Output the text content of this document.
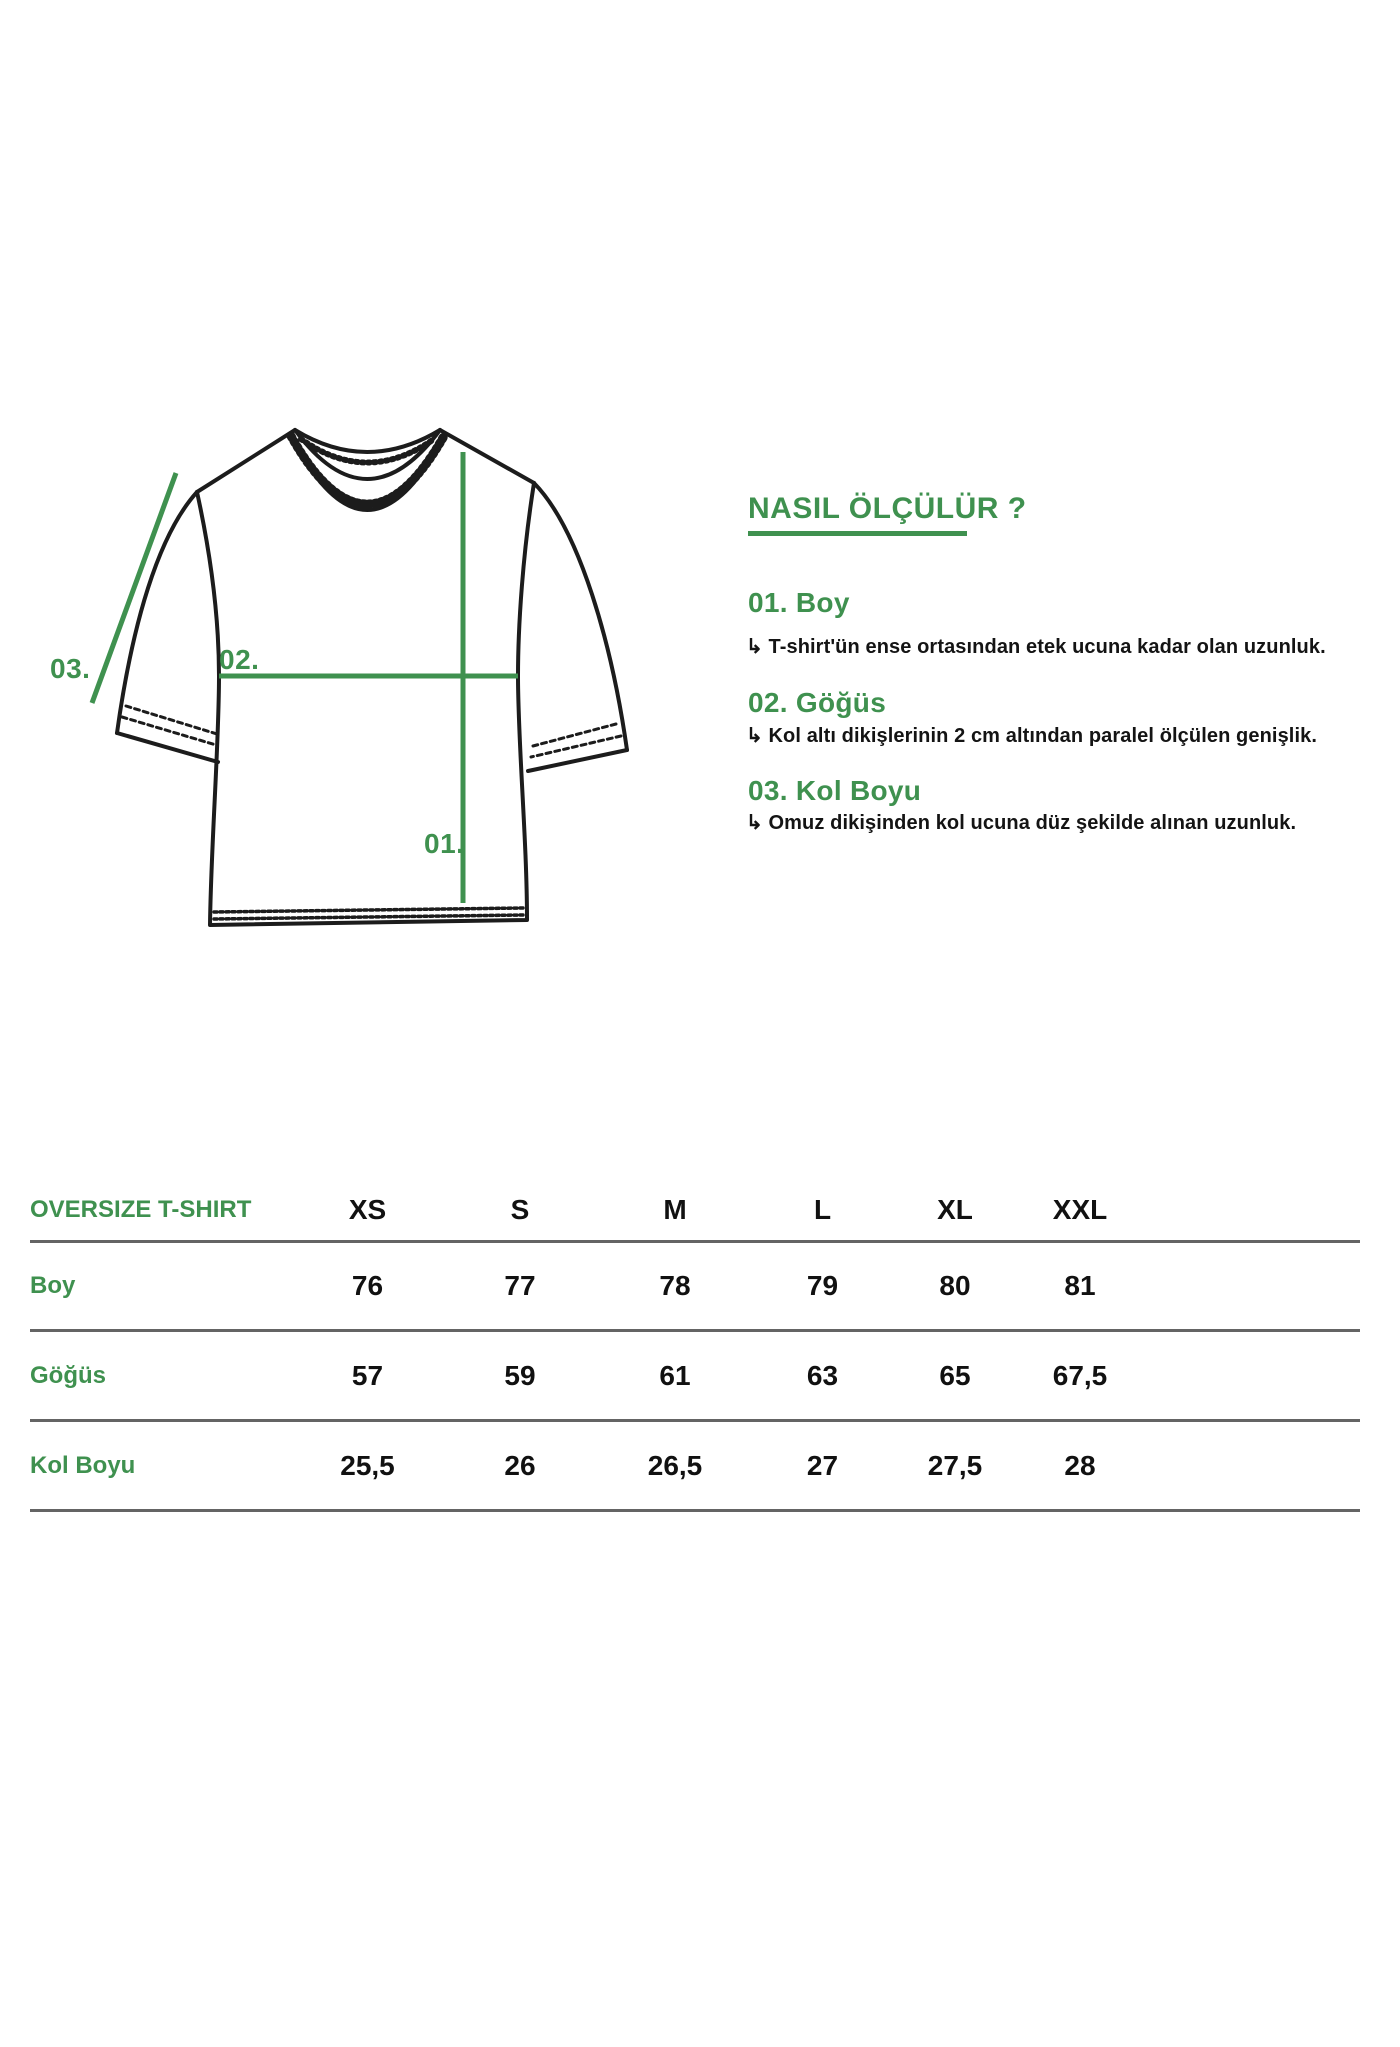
03.	02.
01.
NASIL ÖLÇÜLÜR ?
01. Boy
↳ T-shirt'ün ense ortasından etek ucuna kadar olan uzunluk.
02. Göğüs
↳ Kol altı dikişlerinin 2 cm altından paralel ölçülen genişlik.
03. Kol Boyu
↳ Omuz dikişinden kol ucuna düz şekilde alınan uzunluk.
OVERSIZE T-SHIRT	XS	S	M	L	XL	XXL
Boy	76	77	78	79	80	81
Göğüs	57	59	61	63	65	67,5
Kol Boyu	25,5	26	26,5	27	27,5	28
